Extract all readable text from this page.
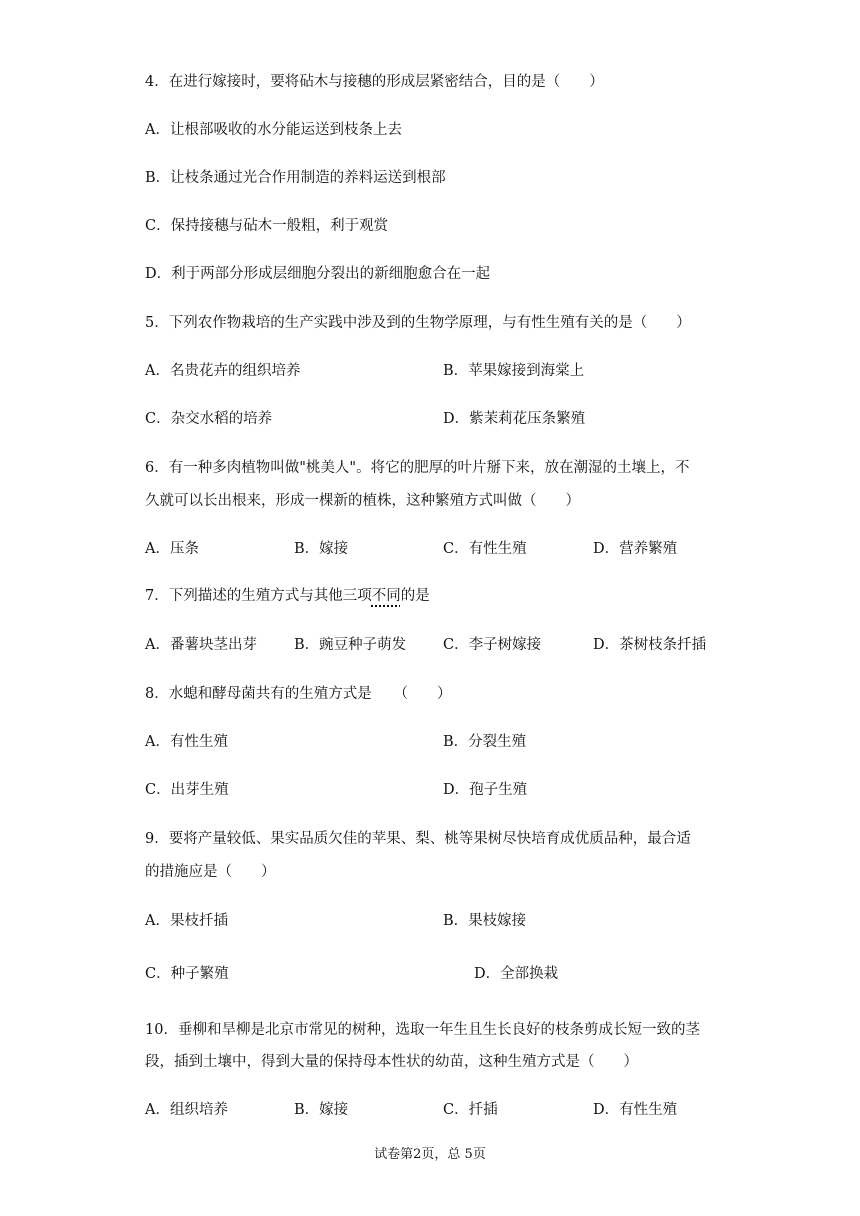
4．在进行嫁接时，要将砧木与接穗的形成层紧密结合，目的是（　　）
A．让根部吸收的水分能运送到枝条上去
B．让枝条通过光合作用制造的养料运送到根部
C．保持接穗与砧木一般粗，利于观赏
D．利于两部分形成层细胞分裂出的新细胞愈合在一起
5．下列农作物栽培的生产实践中涉及到的生物学原理，与有性生殖有关的是（　　）
A．名贵花卉的组织培养	B．苹果嫁接到海棠上
C．杂交水稻的培养	D．紫茉莉花压条繁殖
6．有一种多肉植物叫做"桃美人"。将它的肥厚的叶片掰下来，放在潮湿的土壤上，不
久就可以长出根来，形成一棵新的植株，这种繁殖方式叫做（　　）
A．压条	B．嫁接	C．有性生殖	D．营养繁殖
7．下列描述的生殖方式与其他三项不同的是
A．番薯块茎出芽	B．豌豆种子萌发	C．李子树嫁接	D．茶树枝条扦插
8．水螅和酵母菌共有的生殖方式是　　（　　）
A．有性生殖	B．分裂生殖
C．出芽生殖	D．孢子生殖
9．要将产量较低、果实品质欠佳的苹果、梨、桃等果树尽快培育成优质品种，最合适
的措施应是（　　）
A．果枝扦插	B．果枝嫁接
C．种子繁殖	D．全部换栽
10．垂柳和旱柳是北京市常见的树种，选取一年生且生长良好的枝条剪成长短一致的茎
段，插到土壤中，得到大量的保持母本性状的幼苗，这种生殖方式是（　　）
A．组织培养	B．嫁接	C．扦插	D．有性生殖
试卷第2页，总 5页
